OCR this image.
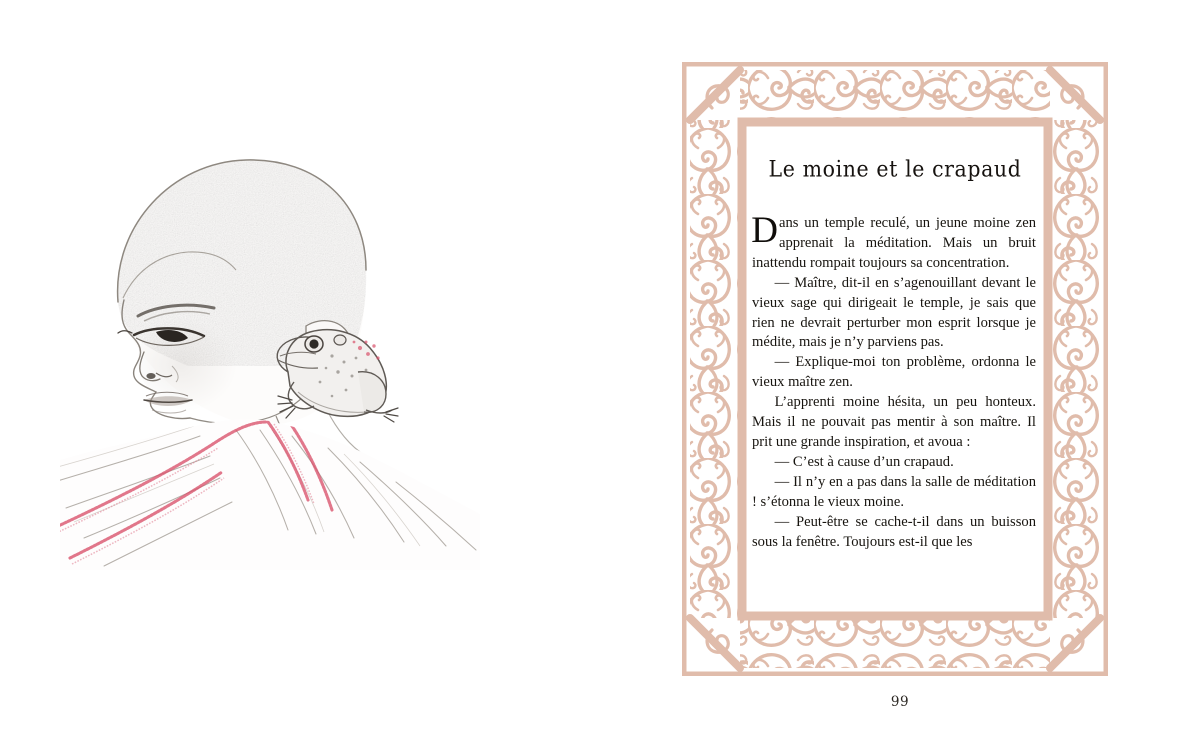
Le moine et le crapaud

Dans un temple reculé, un jeune moine zen apprenait la méditation. Mais un bruit inattendu rompait toujours sa concentration.

— Maître, dit-il en s’agenouillant devant le vieux sage qui dirigeait le temple, je sais que rien ne devrait perturber mon esprit lorsque je médite, mais je n’y parviens pas.

— Explique-moi ton problème, ordonna le vieux maître zen.

L’apprenti moine hésita, un peu honteux. Mais il ne pouvait pas mentir à son maître. Il prit une grande inspiration, et avoua :

— C’est à cause d’un crapaud.

— Il n’y en a pas dans la salle de méditation ! s’étonna le vieux moine.

— Peut-être se cache-t-il dans un buisson sous la fenêtre. Toujours est-il que les

99
